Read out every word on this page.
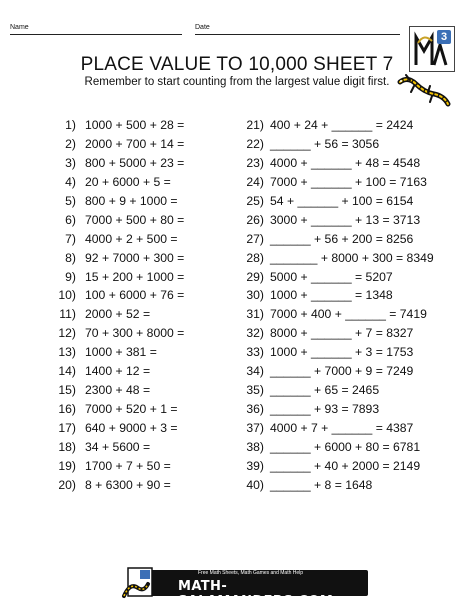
Name	Date
3
PLACE VALUE TO 10,000 SHEET 7
Remember to start counting from the largest value digit first.
1) 1000 + 500 + 28 =
2) 2000 + 700 + 14 =
3) 800 + 5000 + 23 =
4) 20 + 6000 + 5 =
5) 800 + 9 + 1000 =
6) 7000 + 500 + 80 =
7) 4000 + 2 + 500 =
8) 92 + 7000 + 300 =
9) 15 + 200 + 1000 =
10) 100 + 6000 + 76 =
11) 2000 + 52 =
12) 70 + 300 + 8000 =
13) 1000 + 381 =
14) 1400 + 12 =
15) 2300 + 48 =
16) 7000 + 520 + 1 =
17) 640 + 9000 + 3 =
18) 34 + 5600 =
19) 1700 + 7 + 50 =
20) 8 + 6300 + 90 =
21) 400 + 24 + ______ = 2424
22) ______ + 56 = 3056
23) 4000 + ______ + 48 = 4548
24) 7000 + ______ + 100 = 7163
25) 54 + ______ + 100 = 6154
26) 3000 + ______ + 13 = 3713
27) ______ + 56 + 200 = 8256
28) _______ + 8000 + 300 = 8349
29) 5000 + ______ = 5207
30) 1000 + ______ = 1348
31) 7000 + 400 + ______ = 7419
32) 8000 + ______ + 7 = 8327
33) 1000 + ______ + 3 = 1753
34) ______ + 7000 + 9 = 7249
35) ______ + 65 = 2465
36) ______ + 93 = 7893
37) 4000 + 7 + ______ = 4387
38) ______ + 6000 + 80 = 6781
39) ______ + 40 + 2000 = 2149
40) ______ + 8 = 1648
Free Math Sheets, Math Games and Math Help
MATH-SALAMANDERS.COM
